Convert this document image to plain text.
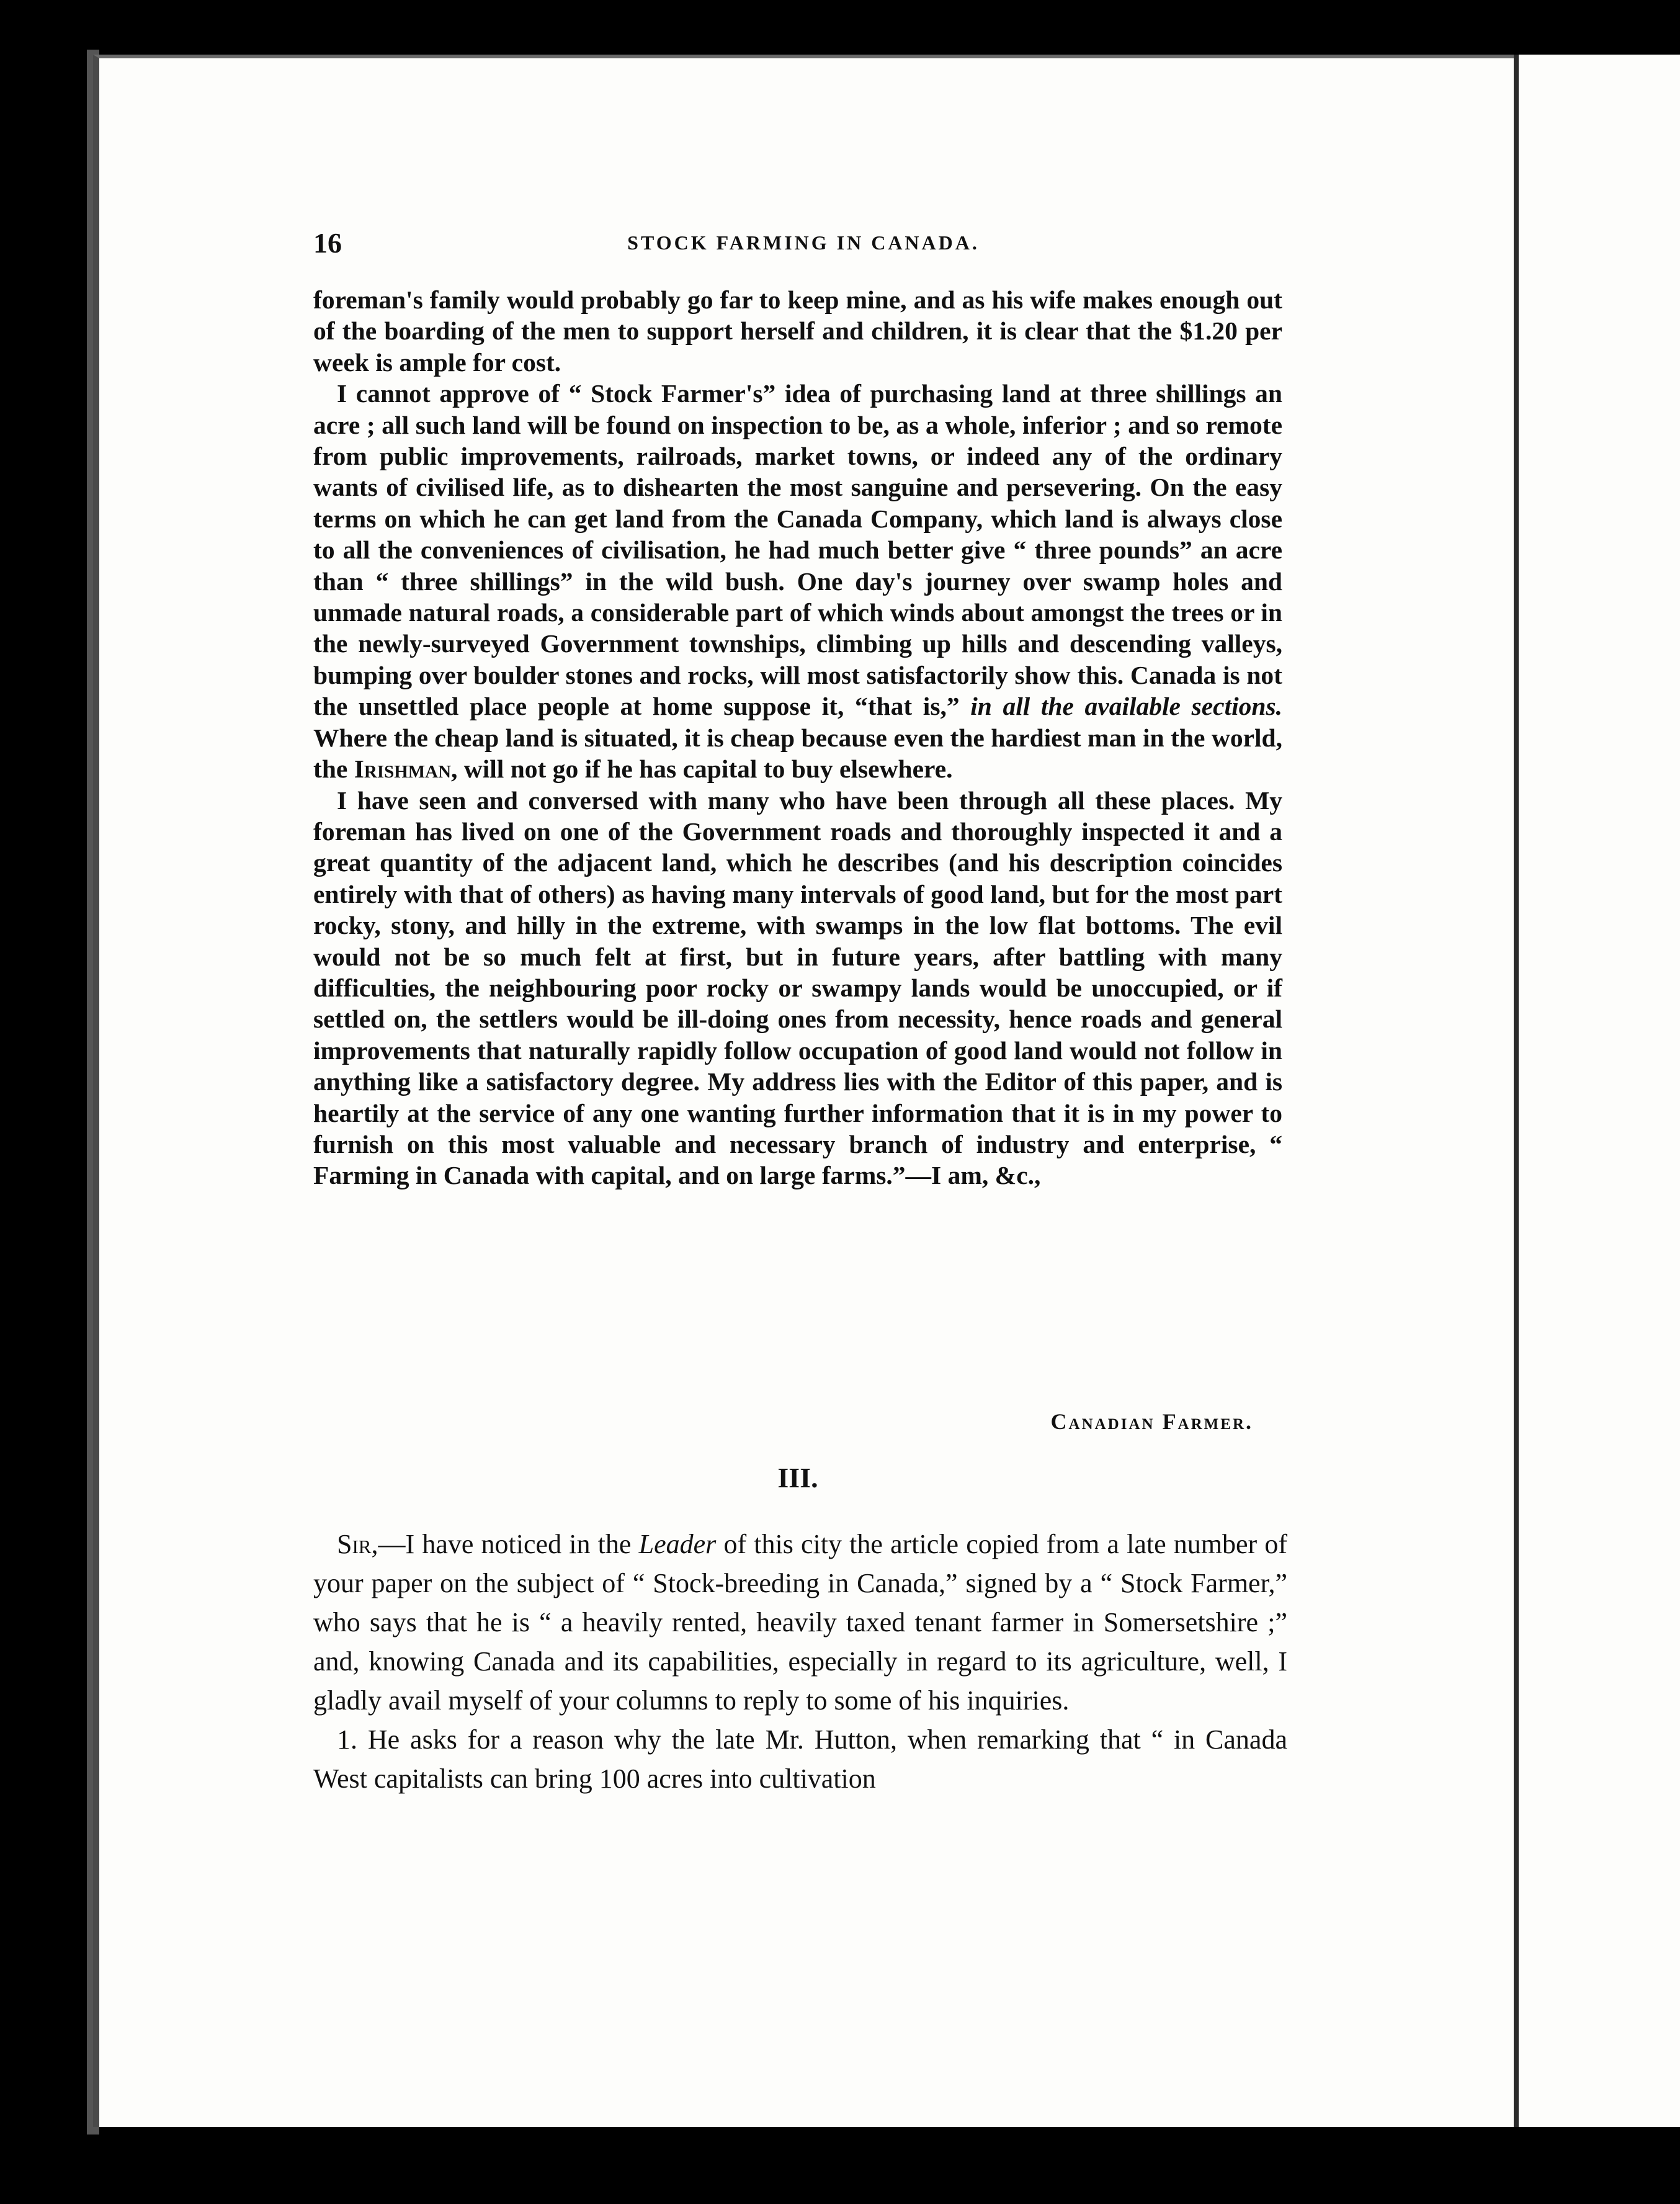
16	STOCK FARMING IN CANADA.

foreman's family would probably go far to keep mine, and as his wife makes enough out of the boarding of the men to support herself and children, it is clear that the $1.20 per week is ample for cost.

I cannot approve of “ Stock Farmer's” idea of purchasing land at three shillings an acre ; all such land will be found on inspection to be, as a whole, inferior ; and so remote from public improvements, railroads, market towns, or indeed any of the ordinary wants of civilised life, as to dishearten the most sanguine and persevering. On the easy terms on which he can get land from the Canada Company, which land is always close to all the conveniences of civilisation, he had much better give “ three pounds” an acre than “ three shillings” in the wild bush. One day's journey over swamp holes and unmade natural roads, a considerable part of which winds about amongst the trees or in the newly-surveyed Government townships, climbing up hills and descending valleys, bumping over boulder stones and rocks, will most satisfactorily show this. Canada is not the unsettled place people at home suppose it, “that is,” in all the available sections. Where the cheap land is situated, it is cheap because even the hardiest man in the world, the Irishman, will not go if he has capital to buy elsewhere.

I have seen and conversed with many who have been through all these places. My foreman has lived on one of the Government roads and thoroughly inspected it and a great quantity of the adjacent land, which he describes (and his description coincides entirely with that of others) as having many intervals of good land, but for the most part rocky, stony, and hilly in the extreme, with swamps in the low flat bottoms. The evil would not be so much felt at first, but in future years, after battling with many difficulties, the neighbouring poor rocky or swampy lands would be unoccupied, or if settled on, the settlers would be ill-doing ones from necessity, hence roads and general improvements that naturally rapidly follow occupation of good land would not follow in anything like a satisfactory degree. My address lies with the Editor of this paper, and is heartily at the service of any one wanting further information that it is in my power to furnish on this most valuable and necessary branch of industry and enterprise, “ Farming in Canada with capital, and on large farms.”—I am, &c.,

Canadian Farmer.
III.

Sir,—I have noticed in the Leader of this city the article copied from a late number of your paper on the subject of “ Stock-breeding in Canada,” signed by a “ Stock Farmer,” who says that he is “ a heavily rented, heavily taxed tenant farmer in Somersetshire ;” and, knowing Canada and its capabilities, especially in regard to its agriculture, well, I gladly avail myself of your columns to reply to some of his inquiries.

1. He asks for a reason why the late Mr. Hutton, when remarking that “ in Canada West capitalists can bring 100 acres into cultivation
